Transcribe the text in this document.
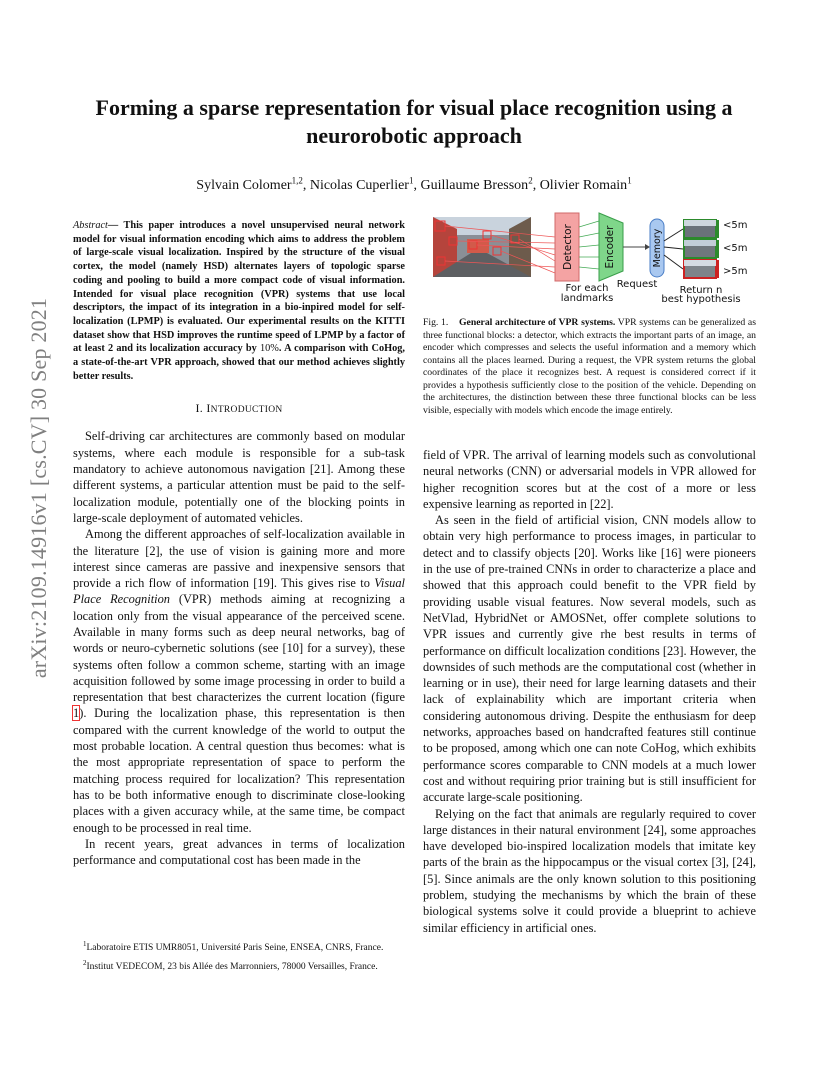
arXiv:2109.14916v1 [cs.CV] 30 Sep 2021
Forming a sparse representation for visual place recognition using a neurorobotic approach
Sylvain Colomer$^{1,2}$, Nicolas Cuperlier$^1$, Guillaume Bresson$^2$, Olivier Romain$^1$

Abstract— This paper introduces a novel unsupervised neural network model for visual information encoding which aims to address the problem of large-scale visual localization. Inspired by the structure of the visual cortex, the model (namely HSD) alternates layers of topologic sparse coding and pooling to build a more compact code of visual information. Intended for visual place recognition (VPR) systems that use local descriptors, the impact of its integration in a bio-inpired model for self-localization (LPMP) is evaluated. Our experimental results on the KITTI dataset show that HSD improves the runtime speed of LPMP by a factor of at least 2 and its localization accuracy by 10%. A comparison with CoHog, a state-of-the-art VPR approach, showed that our method achieves slightly better results.

I. INTRODUCTION

Self-driving car architectures are commonly based on modular systems, where each module is responsible for a sub-task mandatory to achieve autonomous navigation [21]. Among these different systems, a particular attention must be paid to the self-localization module, potentially one of the blocking points in large-scale deployment of automated vehicles.

Among the different approaches of self-localization available in the literature [2], the use of vision is gaining more and more interest since cameras are passive and inexpensive sensors that provide a rich flow of information [19]. This gives rise to Visual Place Recognition (VPR) methods aiming at recognizing a location only from the visual appearance of the perceived scene. Available in many forms such as deep neural networks, bag of words or neuro-cybernetic solutions (see [10] for a survey), these systems often follow a common scheme, starting with an image acquisition followed by some image processing in order to build a representation that best characterizes the current location (figure 1). During the localization phase, this representation is then compared with the current knowledge of the world to output the most probable location. A central question thus becomes: what is the most appropriate representation of space to perform the matching process required for localization? This representation has to be both informative enough to discriminate close-looking places with a given accuracy while, at the same time, be compact enough to be processed in real time.

In recent years, great advances in terms of localization performance and computational cost has been made in the

$^1$Laboratoire ETIS UMR8051, Université Paris Seine, ENSEA, CNRS, France.

$^2$Institut VEDECOM, 23 bis Allée des Marronniers, 78000 Versailles, France.

Detector	Encoder	Memory
<5m
<5m
>5m
For each
landmarks
Request
Return n
best hypothesis

Fig. 1. General architecture of VPR systems. VPR systems can be generalized as three functional blocks: a detector, which extracts the important parts of an image, an encoder which compresses and selects the useful information and a memory which contains all the places learned. During a request, the VPR system returns the global coordinates of the place it recognizes best. A request is considered correct if it provides a hypothesis sufficiently close to the position of the vehicle. Depending on the architectures, the distinction between these three functional blocks can be less visible, especially with models which encode the image entirely.

field of VPR. The arrival of learning models such as convolutional neural networks (CNN) or adversarial models in VPR allowed for higher recognition scores but at the cost of a more or less expensive learning as reported in [22].

As seen in the field of artificial vision, CNN models allow to obtain very high performance to process images, in particular to detect and to classify objects [20]. Works like [16] were pioneers in the use of pre-trained CNNs in order to characterize a place and showed that this approach could benefit to the VPR field by providing usable visual features. Now several models, such as NetVlad, HybridNet or AMOSNet, offer complete solutions to VPR issues and currently give rhe best results in terms of performance on difficult localization conditions [23]. However, the downsides of such methods are the computational cost (whether in learning or in use), their need for large learning datasets and their lack of explainability which are important criteria when considering autonomous driving. Despite the enthusiasm for deep networks, approaches based on handcrafted features still continue to be proposed, among which one can note CoHog, which exhibits performance scores comparable to CNN models at a much lower cost and without requiring prior training but is still insufficient for accurate large-scale positioning.

Relying on the fact that animals are regularly required to cover large distances in their natural environment [24], some approaches have developed bio-inspired localization models that imitate key parts of the brain as the hippocampus or the visual cortex [3], [24], [5]. Since animals are the only known solution to this positioning problem, studying the mechanisms by which the brain of these biological systems solve it could provide a blueprint to achieve similar efficiency in artificial ones.
